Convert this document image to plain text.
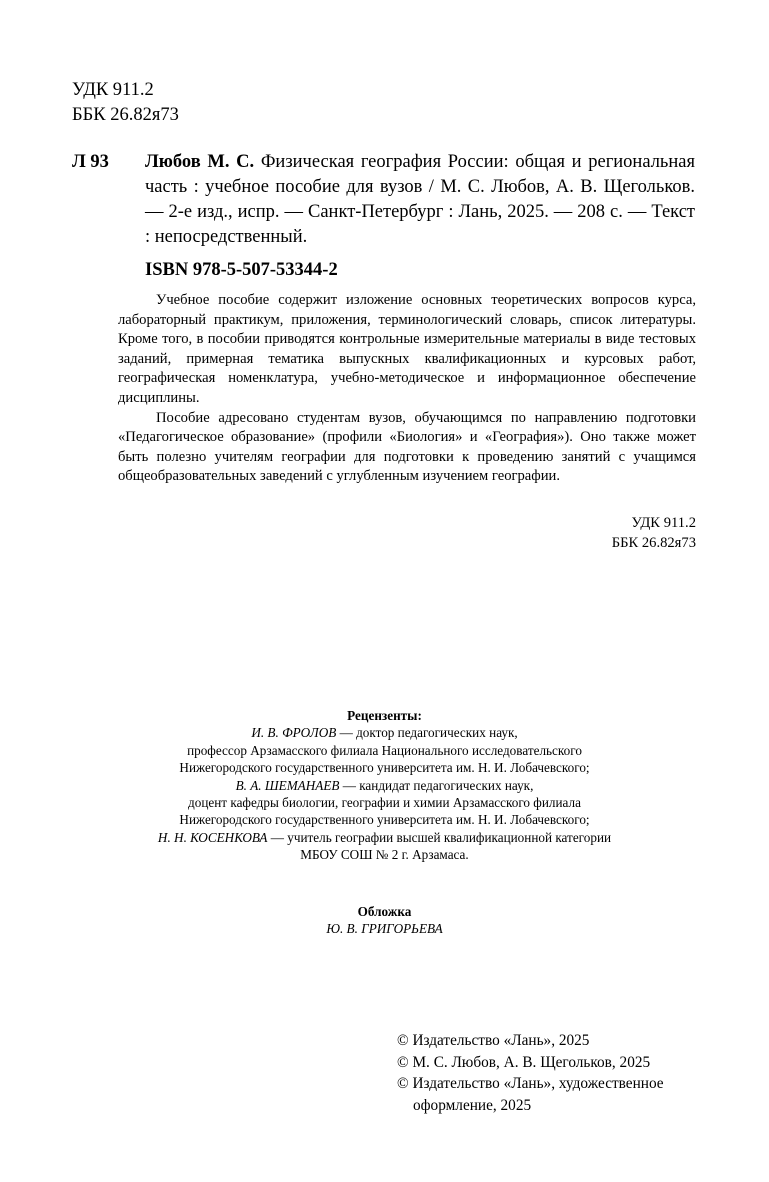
УДК 911.2
ББК 26.82я73
Л 93 Любов М. С. Физическая география России: общая и региональная часть : учебное пособие для вузов / М. С. Любов, А. В. Щегольков. — 2-е изд., испр. — Санкт-Петербург : Лань, 2025. — 208 с. — Текст : непосредственный.
ISBN 978-5-507-53344-2

Учебное пособие содержит изложение основных теоретических вопросов курса, лабораторный практикум, приложения, терминологический словарь, список литературы. Кроме того, в пособии приводятся контрольные измерительные материалы в виде тестовых заданий, примерная тематика выпускных квалификационных и курсовых работ, географическая номенклатура, учебно-методическое и информационное обеспечение дисциплины.

Пособие адресовано студентам вузов, обучающимся по направлению подготовки «Педагогическое образование» (профили «Биология» и «География»). Оно также может быть полезно учителям географии для подготовки к проведению занятий с учащимся общеобразовательных заведений с углубленным изучением географии.

УДК 911.2
ББК 26.82я73
Рецензенты:
И. В. ФРОЛОВ — доктор педагогических наук,
профессор Арзамасского филиала Национального исследовательского
Нижегородского государственного университета им. Н. И. Лобачевского;
В. А. ШЕМАНАЕВ — кандидат педагогических наук,
доцент кафедры биологии, географии и химии Арзамасского филиала
Нижегородского государственного университета им. Н. И. Лобачевского;
Н. Н. КОСЕНКОВА — учитель географии высшей квалификационной категории
МБОУ СОШ № 2 г. Арзамаса.
Обложка
Ю. В. ГРИГОРЬЕВА
© Издательство «Лань», 2025
© М. С. Любов, А. В. Щегольков, 2025
© Издательство «Лань», художественное
оформление, 2025
